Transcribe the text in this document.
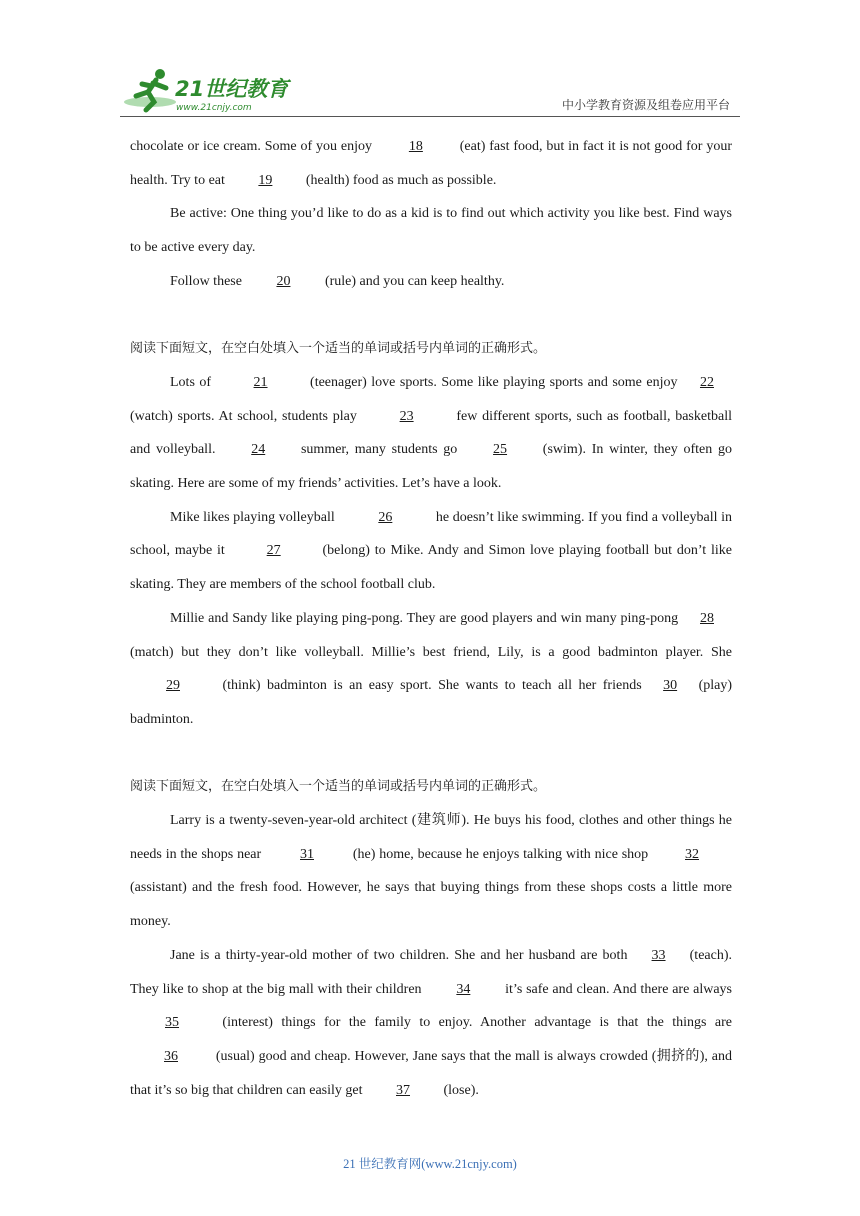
21世纪教育
www.21cnjy.com	中小学教育资源及组卷应用平台

chocolate or ice cream. Some of you enjoy 18 (eat) fast food, but in fact it is not good for your health. Try to eat 19 (health) food as much as possible.

Be active: One thing you’d like to do as a kid is to find out which activity you like best. Find ways to be active every day.

Follow these 20 (rule) and you can keep healthy.

阅读下面短文，在空白处填入一个适当的单词或括号内单词的正确形式。

Lots of	21	(teenager) love sports. Some like playing sports and some enjoy 22 (watch) sports. At school, students play	23	few different sports, such as football, basketball and volleyball. 24 summer, many students go 25 (swim). In winter, they often go skating. Here are some of my friends’ activities. Let’s have a look.

Mike likes playing volleyball	26	he doesn’t like swimming. If you find a volleyball in school, maybe it	27	(belong) to Mike. Andy and Simon love playing football but don’t like skating. They are members of the school football club.

Millie and Sandy like playing ping-pong. They are good players and win many ping-pong 28 (match) but they don’t like volleyball. Millie’s best friend, Lily, is a good badminton player. She 29	(think) badminton is an easy sport. She wants to teach all her friends 30 (play) badminton.

阅读下面短文，在空白处填入一个适当的单词或括号内单词的正确形式。

Larry is a twenty-seven-year-old architect (建筑师). He buys his food, clothes and other things he needs in the shops near	31	(he) home, because he enjoys talking with nice shop 32 (assistant) and the fresh food. However, he says that buying things from these shops costs a little more money.

Jane is a thirty-year-old mother of two children. She and her husband are both 33 (teach). They like to shop at the big mall with their children 34 it’s safe and clean. And there are always 35	(interest) things for the family to enjoy. Another advantage is that the things are 36 (usual) good and cheap. However, Jane says that the mall is always crowded (拥挤的), and that it’s so big that children can easily get 37 (lose).

21 世纪教育网(www.21cnjy.com)
